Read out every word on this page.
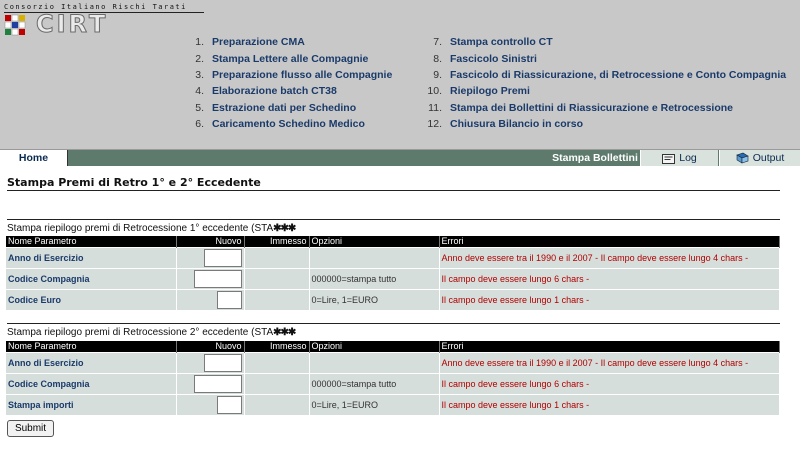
Consorzio Italiano Rischi Tarati
CIRT
1. Preparazione CMA
2. Stampa Lettere alle Compagnie
3. Preparazione flusso alle Compagnie
4. Elaborazione batch CT38
5. Estrazione dati per Schedino
6. Caricamento Schedino Medico
7. Stampa controllo CT
8. Fascicolo Sinistri
9. Fascicolo di Riassicurazione, di Retrocessione e Conto Compagnia
10. Riepilogo Premi
11. Stampa dei Bollettini di Riassicurazione e Retrocessione
12. Chiusura Bilancio in corso
Home	Stampa Bollettini	Log	Output
Stampa Premi di Retro 1° e 2° Eccedente
Stampa riepilogo premi di Retrocessione 1° eccedente (STA✱✱✱
Nome Parametro	Nuovo	Immesso	Opzioni	Errori
Anno di Esercizio				Anno deve essere tra il 1990 e il 2007 - Il campo deve essere lungo 4 chars -
Codice Compagnia			000000=stampa tutto	Il campo deve essere lungo 6 chars -
Codice Euro			0=Lire, 1=EURO	Il campo deve essere lungo 1 chars -
Stampa riepilogo premi di Retrocessione 2° eccedente (STA✱✱✱
Nome Parametro	Nuovo	Immesso	Opzioni	Errori
Anno di Esercizio				Anno deve essere tra il 1990 e il 2007 - Il campo deve essere lungo 4 chars -
Codice Compagnia			000000=stampa tutto	Il campo deve essere lungo 6 chars -
Stampa importi			0=Lire, 1=EURO	Il campo deve essere lungo 1 chars -
Submit
